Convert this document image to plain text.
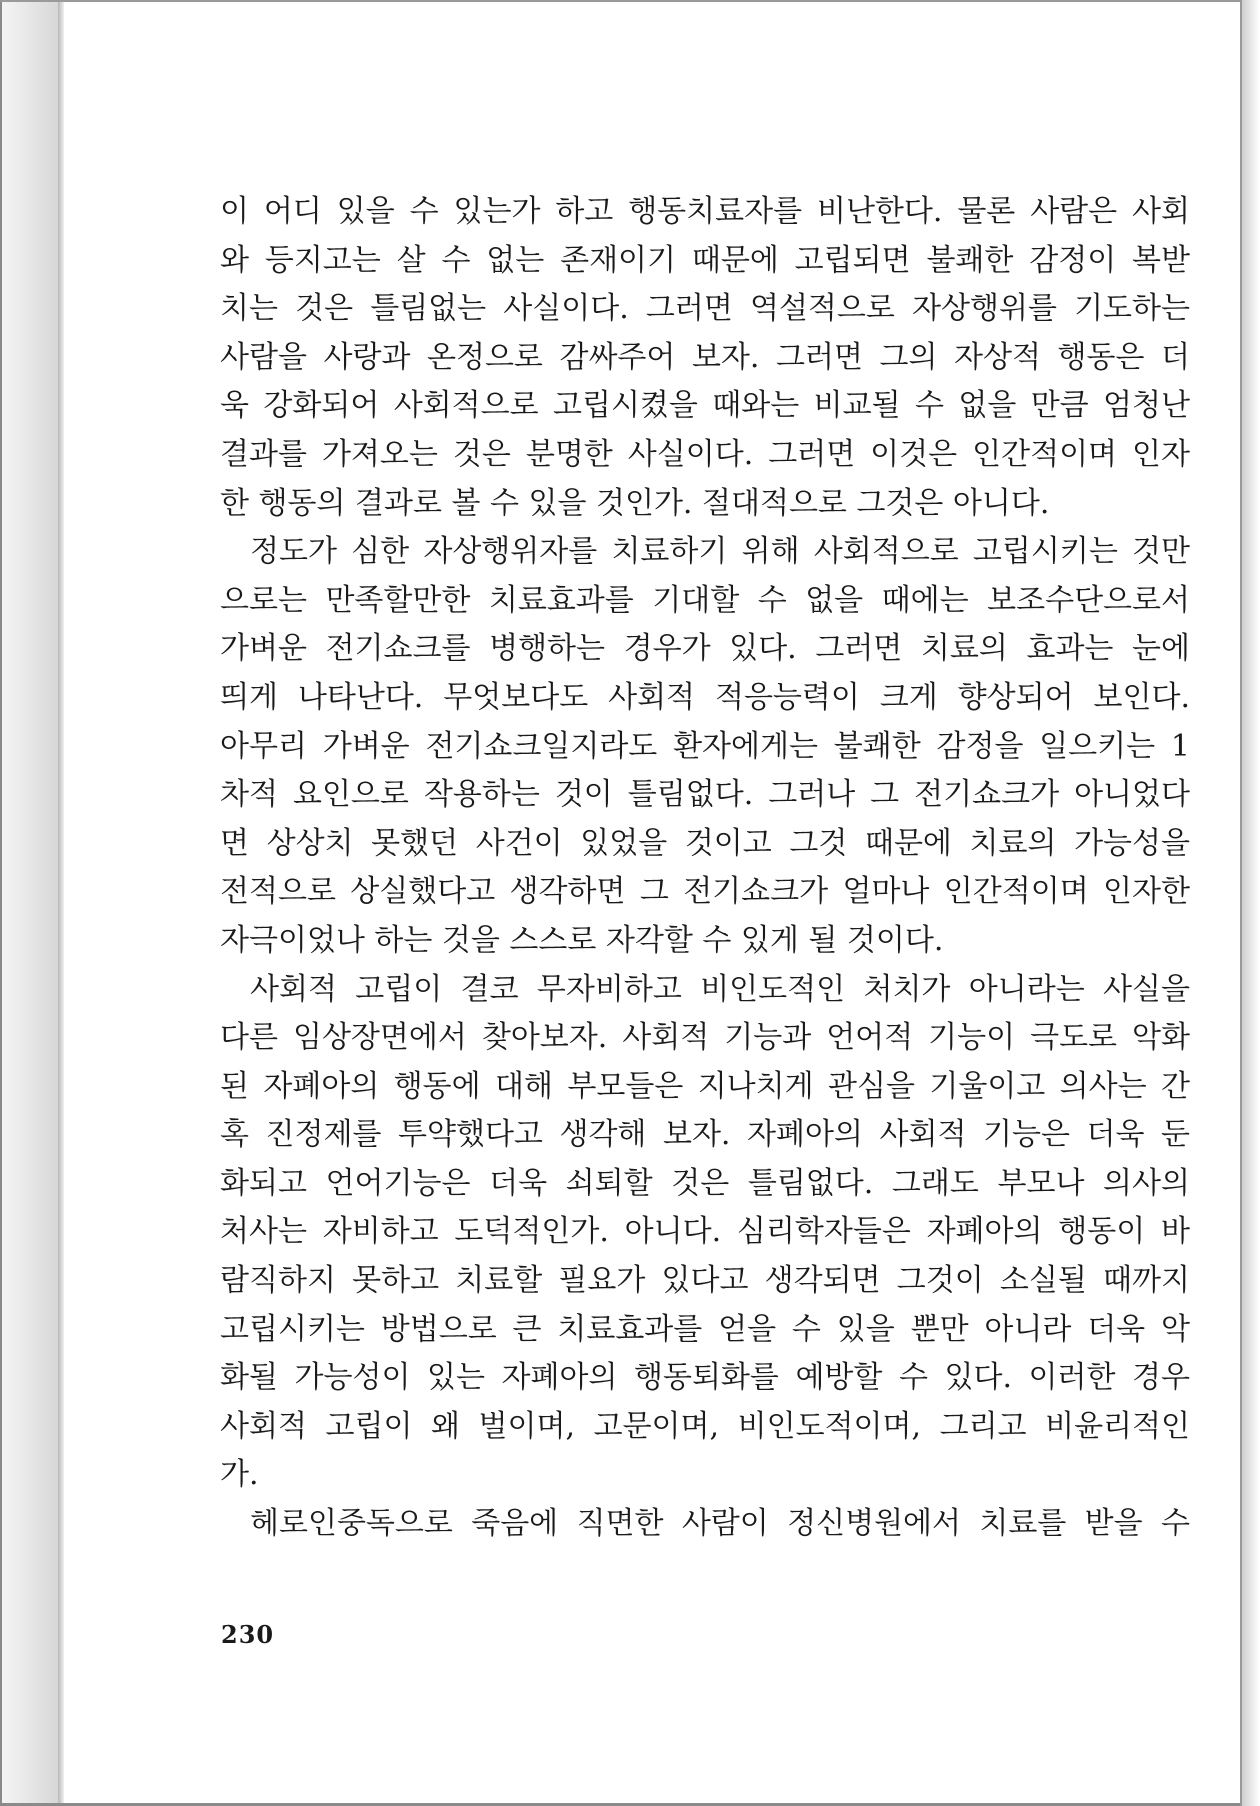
이 어디 있을 수 있는가 하고 행동치료자를 비난한다. 물론 사람은 사회
와 등지고는 살 수 없는 존재이기 때문에 고립되면 불쾌한 감정이 복받
치는 것은 틀림없는 사실이다. 그러면 역설적으로 자상행위를 기도하는
사람을 사랑과 온정으로 감싸주어 보자. 그러면 그의 자상적 행동은 더
욱 강화되어 사회적으로 고립시켰을 때와는 비교될 수 없을 만큼 엄청난
결과를 가져오는 것은 분명한 사실이다. 그러면 이것은 인간적이며 인자
한 행동의 결과로 볼 수 있을 것인가. 절대적으로 그것은 아니다.

정도가 심한 자상행위자를 치료하기 위해 사회적으로 고립시키는 것만
으로는 만족할만한 치료효과를 기대할 수 없을 때에는 보조수단으로서
가벼운 전기쇼크를 병행하는 경우가 있다. 그러면 치료의 효과는 눈에
띄게 나타난다. 무엇보다도 사회적 적응능력이 크게 향상되어 보인다.
아무리 가벼운 전기쇼크일지라도 환자에게는 불쾌한 감정을 일으키는 1
차적 요인으로 작용하는 것이 틀림없다. 그러나 그 전기쇼크가 아니었다
면 상상치 못했던 사건이 있었을 것이고 그것 때문에 치료의 가능성을
전적으로 상실했다고 생각하면 그 전기쇼크가 얼마나 인간적이며 인자한
자극이었나 하는 것을 스스로 자각할 수 있게 될 것이다.

사회적 고립이 결코 무자비하고 비인도적인 처치가 아니라는 사실을
다른 임상장면에서 찾아보자. 사회적 기능과 언어적 기능이 극도로 악화
된 자폐아의 행동에 대해 부모들은 지나치게 관심을 기울이고 의사는 간
혹 진정제를 투약했다고 생각해 보자. 자폐아의 사회적 기능은 더욱 둔
화되고 언어기능은 더욱 쇠퇴할 것은 틀림없다. 그래도 부모나 의사의
처사는 자비하고 도덕적인가. 아니다. 심리학자들은 자폐아의 행동이 바
람직하지 못하고 치료할 필요가 있다고 생각되면 그것이 소실될 때까지
고립시키는 방법으로 큰 치료효과를 얻을 수 있을 뿐만 아니라 더욱 악
화될 가능성이 있는 자폐아의 행동퇴화를 예방할 수 있다. 이러한 경우
사회적 고립이 왜 벌이며, 고문이며, 비인도적이며, 그리고 비윤리적인
가.

헤로인중독으로 죽음에 직면한 사람이 정신병원에서 치료를 받을 수

230
